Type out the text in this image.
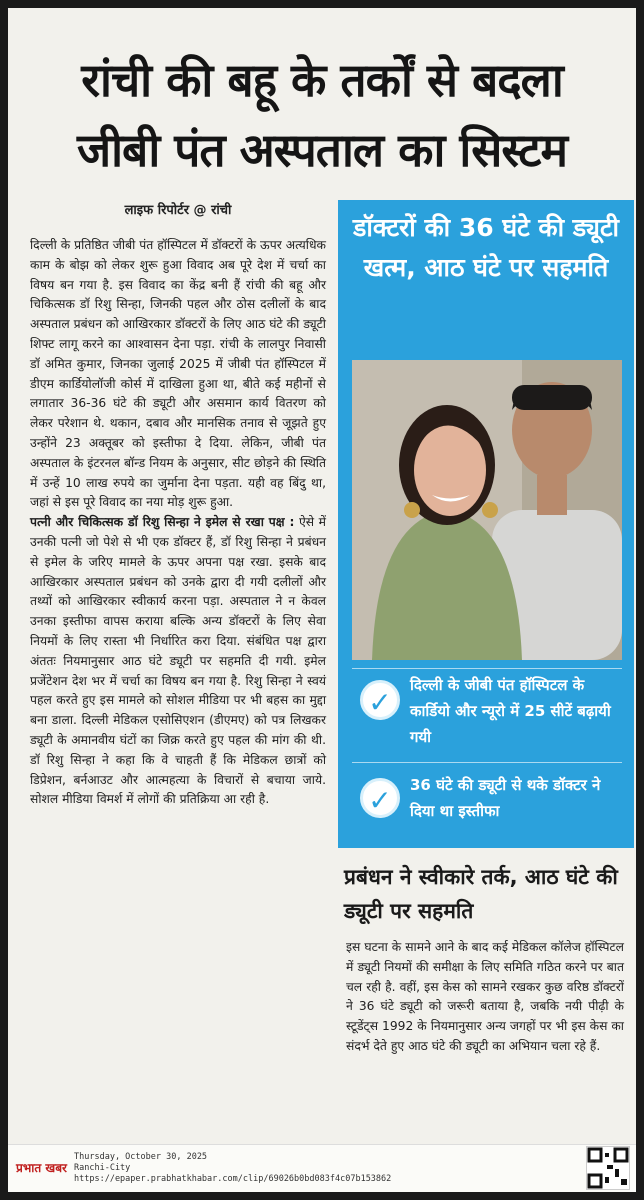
रांची की बहू के तर्कों से बदला
जीबी पंत अस्पताल का सिस्टम
लाइफ रिपोर्टर @ रांची

दिल्ली के प्रतिष्ठित जीबी पंत हॉस्पिटल में डॉक्टरों के ऊपर अत्यधिक काम के बोझ को लेकर शुरू हुआ विवाद अब पूरे देश में चर्चा का विषय बन गया है. इस विवाद का केंद्र बनी हैं रांची की बहू और चिकित्सक डॉ रिशु सिन्हा, जिनकी पहल और ठोस दलीलों के बाद अस्पताल प्रबंधन को आखिरकार डॉक्टरों के लिए आठ घंटे की ड्यूटी शिफ्ट लागू करने का आश्वासन देना पड़ा. रांची के लालपुर निवासी डॉ अमित कुमार, जिनका जुलाई 2025 में जीबी पंत हॉस्पिटल में डीएम कार्डियोलॉजी कोर्स में दाखिला हुआ था, बीते कई महीनों से लगातार 36-36 घंटे की ड्यूटी और असमान कार्य वितरण को लेकर परेशान थे. थकान, दबाव और मानसिक तनाव से जूझते हुए उन्होंने 23 अक्तूबर को इस्तीफा दे दिया. लेकिन, जीबी पंत अस्पताल के इंटरनल बॉन्ड नियम के अनुसार, सीट छोड़ने की स्थिति में उन्हें 10 लाख रुपये का जुर्माना देना पड़ता. यही वह बिंदु था, जहां से इस पूरे विवाद का नया मोड़ शुरू हुआ.

पत्नी और चिकित्सक डॉ रिशु सिन्हा ने इमेल से रखा पक्ष : ऐसे में उनकी पत्नी जो पेशे से भी एक डॉक्टर हैं, डॉ रिशु सिन्हा ने प्रबंधन से इमेल के जरिए मामले के ऊपर अपना पक्ष रखा. इसके बाद आखिरकार अस्पताल प्रबंधन को उनके द्वारा दी गयी दलीलों और तथ्यों को आखिरकार स्वीकार्य करना पड़ा. अस्पताल ने न केवल उनका इस्तीफा वापस कराया बल्कि अन्य डॉक्टरों के लिए सेवा नियमों के लिए रास्ता भी निर्धारित करा दिया. संबंधित पक्ष द्वारा अंततः नियमानुसार आठ घंटे ड्यूटी पर सहमति दी गयी. इमेल प्रजेंटेशन देश भर में चर्चा का विषय बन गया है. रिशु सिन्हा ने स्वयं पहल करते हुए इस मामले को सोशल मीडिया पर भी बहस का मुद्दा बना डाला. दिल्ली मेडिकल एसोसिएशन (डीएमए) को पत्र लिखकर ड्यूटी के अमानवीय घंटों का जिक्र करते हुए पहल की मांग की थी. डॉ रिशु सिन्हा ने कहा कि वे चाहती हैं कि मेडिकल छात्रों को डिप्रेशन, बर्नआउट और आत्महत्या के विचारों से बचाया जाये. सोशल मीडिया विमर्श में लोगों की प्रतिक्रिया आ रही है.

डॉक्टरों की 36 घंटे की ड्यूटी खत्म, आठ घंटे पर सहमति
✓
दिल्ली के जीबी पंत हॉस्पिटल के कार्डियो और न्यूरो में 25 सीटें बढ़ायी गयी
✓	36 घंटे की ड्यूटी से थके डॉक्टर ने दिया था इस्तीफा
प्रबंधन ने स्वीकारे तर्क, आठ घंटे की ड्यूटी पर सहमति
इस घटना के सामने आने के बाद कई मेडिकल कॉलेज हॉस्पिटल में ड्यूटी नियमों की समीक्षा के लिए समिति गठित करने पर बात चल रही है. वहीं, इस केस को सामने रखकर कुछ वरिष्ठ डॉक्टरों ने 36 घंटे ड्यूटी को जरूरी बताया है, जबकि नयी पीढ़ी के स्टूडेंट्स 1992 के नियमानुसार अन्य जगहों पर भी इस केस का संदर्भ देते हुए आठ घंटे की ड्यूटी का अभियान चला रहे हैं.
प्रभात खबर
Thursday, October 30, 2025
Ranchi-City
https://epaper.prabhatkhabar.com/clip/69026b0bd083f4c07b153862
